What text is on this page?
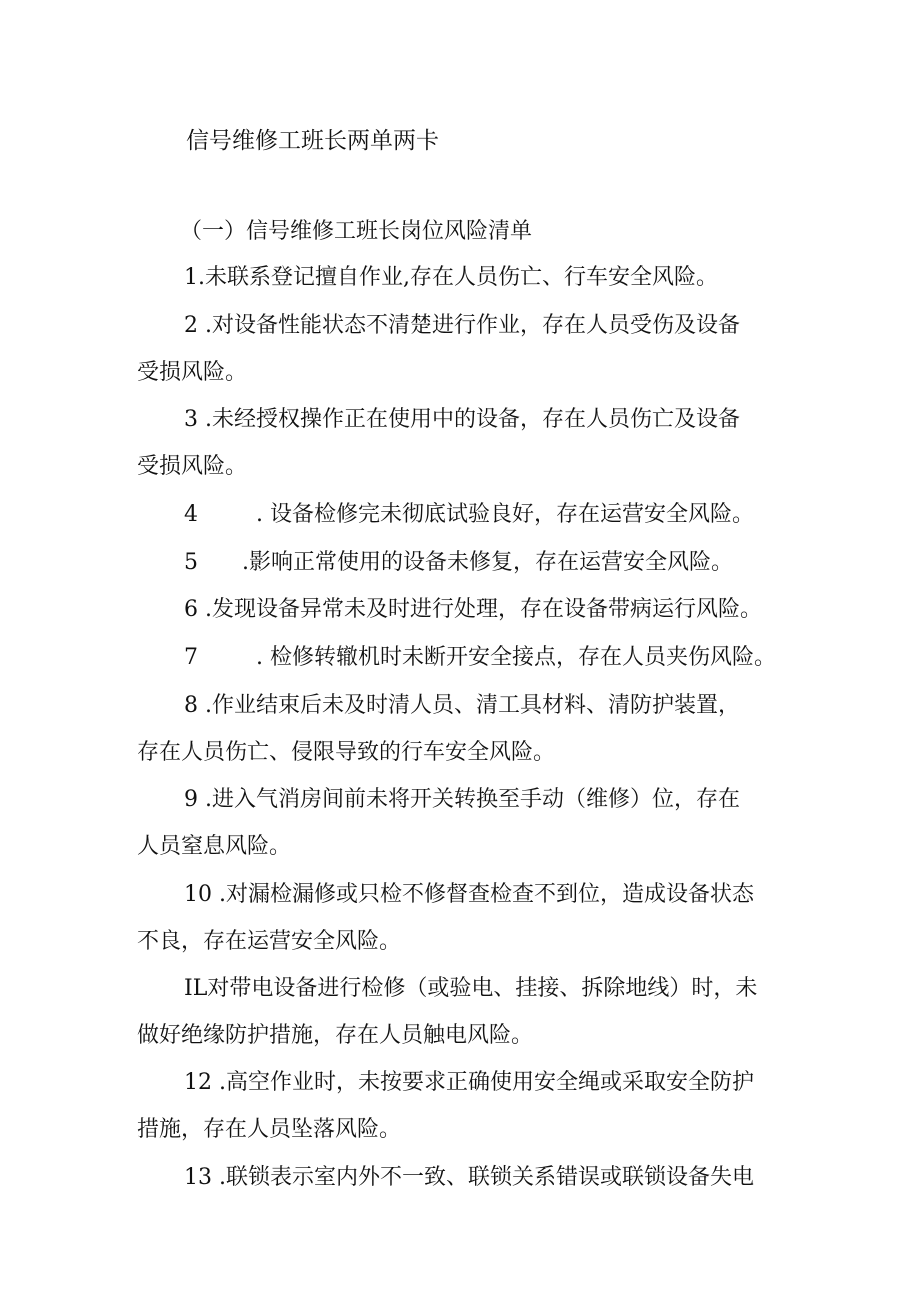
信号维修工班长两单两卡
（一）信号维修工班长岗位风险清单
1.未联系登记擅自作业,存在人员伤亡、行车安全风险。
2 .对设备性能状态不清楚进行作业，存在人员受伤及设备
受损风险。
3 .未经授权操作正在使用中的设备，存在人员伤亡及设备
受损风险。
4	. 设备检修完未彻底试验良好，存在运营安全风险。
5 .影响正常使用的设备未修复，存在运营安全风险。
6 .发现设备异常未及时进行处理，存在设备带病运行风险。
7	. 检修转辙机时未断开安全接点，存在人员夹伤风险。
8 .作业结束后未及时清人员、清工具材料、清防护装置，
存在人员伤亡、侵限导致的行车安全风险。
9 .进入气消房间前未将开关转换至手动（维修）位，存在
人员窒息风险。
10 .对漏检漏修或只检不修督查检查不到位，造成设备状态
不良，存在运营安全风险。
IL对带电设备进行检修（或验电、挂接、拆除地线）时，未
做好绝缘防护措施，存在人员触电风险。
12 .高空作业时，未按要求正确使用安全绳或采取安全防护
措施，存在人员坠落风险。
13 .联锁表示室内外不一致、联锁关系错误或联锁设备失电
